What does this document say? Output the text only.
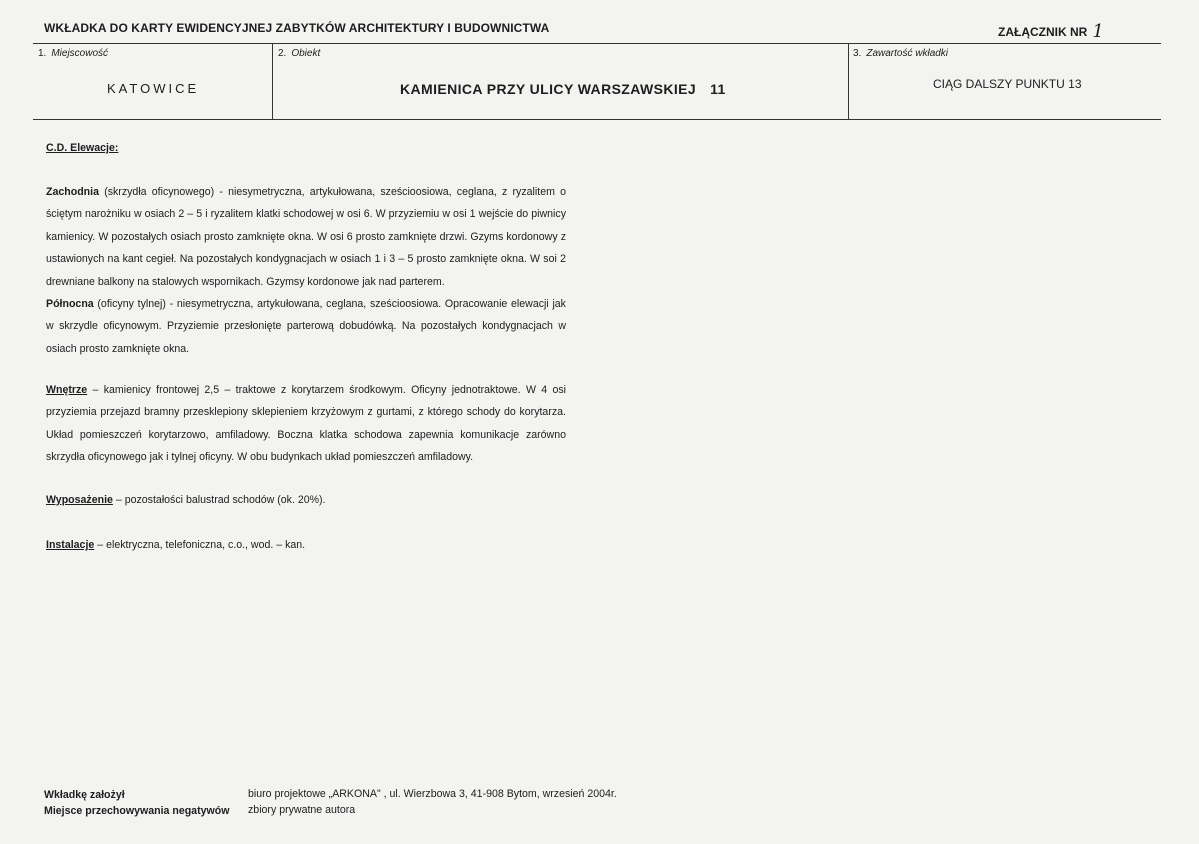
WKŁADKA DO KARTY EWIDENCYJNEJ ZABYTKÓW ARCHITEKTURY I BUDOWNICTWA	ZAŁĄCZNIK NR 1
1. Miejscowość
KATOWICE
2. Obiekt
KAMIENICA PRZY ULICY WARSZAWSKIEJ 11
3. Zawartość wkładki
CIĄG DALSZY PUNKTU 13
C.D. Elewacje:
Zachodnia (skrzydła oficynowego) - niesymetryczna, artykułowana, sześcioosiowa, ceglana, z ryzalitem o ściętym narożniku w osiach 2 – 5 i ryzalitem klatki schodowej w osi 6. W przyziemiu w osi 1 wejście do piwnicy kamienicy. W pozostałych osiach prosto zamknięte okna. W osi 6 prosto zamknięte drzwi. Gzyms kordonowy z ustawionych na kant cegieł. Na pozostałych kondygnacjach w osiach 1 i 3 – 5 prosto zamknięte okna. W soi 2 drewniane balkony na stalowych wspornikach. Gzymsy kordonowe jak nad parterem.
Północna (oficyny tylnej) - niesymetryczna, artykułowana, ceglana, sześcioosiowa. Opracowanie elewacji jak w skrzydle oficynowym. Przyziemie przesłonięte parterową dobudówką. Na pozostałych kondygnacjach w osiach prosto zamknięte okna.
Wnętrze – kamienicy frontowej 2,5 – traktowe z korytarzem środkowym. Oficyny jednotraktowe. W 4 osi przyziemia przejazd bramny przesklepiony sklepieniem krzyżowym z gurtami, z którego schody do korytarza. Układ pomieszczeń korytarzowo, amfiladowy. Boczna klatka schodowa zapewnia komunikacje zarówno skrzydła oficynowego jak i tylnej oficyny. W obu budynkach układ pomieszczeń amfiladowy.
Wyposażenie – pozostałości balustrad schodów (ok. 20%).
Instalacje – elektryczna, telefoniczna, c.o., wod. – kan.
Wkładkę założył	biuro projektowe „ARKONA" , ul. Wierzbowa 3, 41-908 Bytom, wrzesień 2004r.
Miejsce przechowywania negatywów zbiory prywatne autora
